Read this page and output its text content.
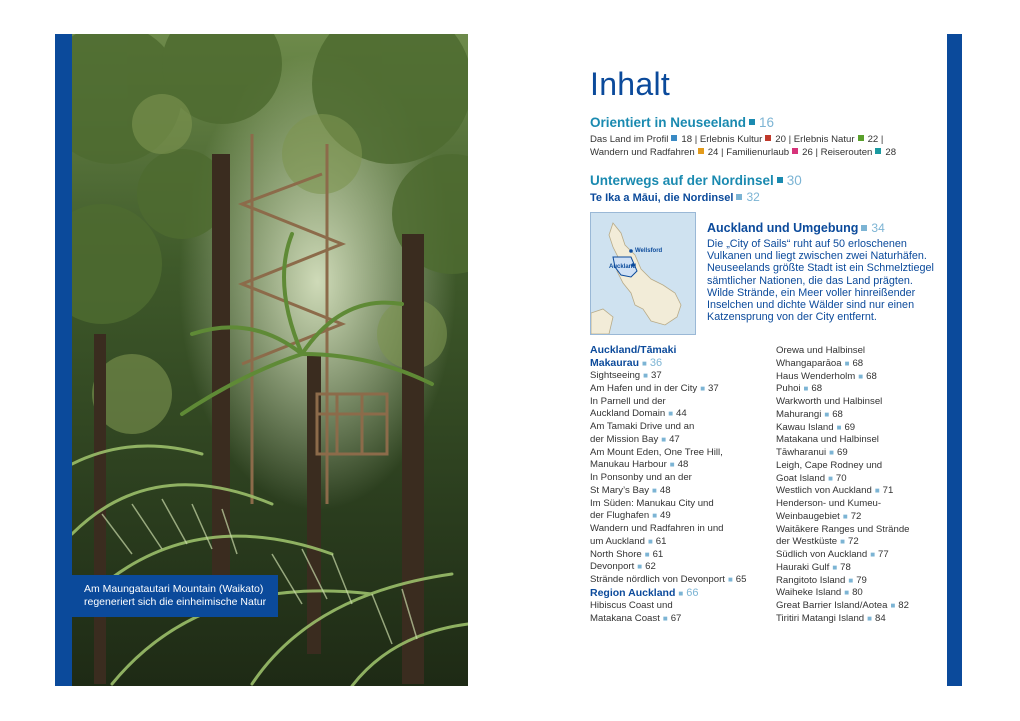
Am Maungatautari Mountain (Waikato)
regeneriert sich die einheimische Natur
Inhalt
Orientiert in Neuseeland 16
Das Land im Profil 18 | Erlebnis Kultur 20 | Erlebnis Natur 22 |
Wandern und Radfahren 24 | Familienurlaub 26 | Reiserouten 28
Unterwegs auf der Nordinsel 30
Te Ika a Māui, die Nordinsel 32
Wellsford
Auckland
Auckland und Umgebung 34
Die „City of Sails“ ruht auf 50 erloschenen
Vulkanen und liegt zwischen zwei Naturhäfen.
Neuseelands größte Stadt ist ein Schmelztiegel
sämtlicher Nationen, die das Land prägten.
Wilde Strände, ein Meer voller hinreißender
Inselchen und dichte Wälder sind nur einen
Katzensprung von der City entfernt.
Auckland/Tāmaki
Makaurau ■ 36
Sightseeing ■ 37
Am Hafen und in der City ■ 37
In Parnell und der
Auckland Domain ■ 44
Am Tamaki Drive und an
der Mission Bay ■ 47
Am Mount Eden, One Tree Hill,
Manukau Harbour ■ 48
In Ponsonby und an der
St Mary’s Bay ■ 48
Im Süden: Manukau City und
der Flughafen ■ 49
Wandern und Radfahren in und
um Auckland ■ 61
North Shore ■ 61
Devonport ■ 62
Strände nördlich von Devonport ■ 65
Region Auckland ■ 66
Hibiscus Coast und
Matakana Coast ■ 67
Orewa und Halbinsel
Whangaparāoa ■ 68
Haus Wenderholm ■ 68
Puhoi ■ 68
Warkworth und Halbinsel
Mahurangi ■ 68
Kawau Island ■ 69
Matakana und Halbinsel
Tāwharanui ■ 69
Leigh, Cape Rodney und
Goat Island ■ 70
Westlich von Auckland ■ 71
Henderson- und Kumeu-
Weinbaugebiet ■ 72
Waitākere Ranges und Strände
der Westküste ■ 72
Südlich von Auckland ■ 77
Hauraki Gulf ■ 78
Rangitoto Island ■ 79
Waiheke Island ■ 80
Great Barrier Island/Aotea ■ 82
Tiritiri Matangi Island ■ 84
